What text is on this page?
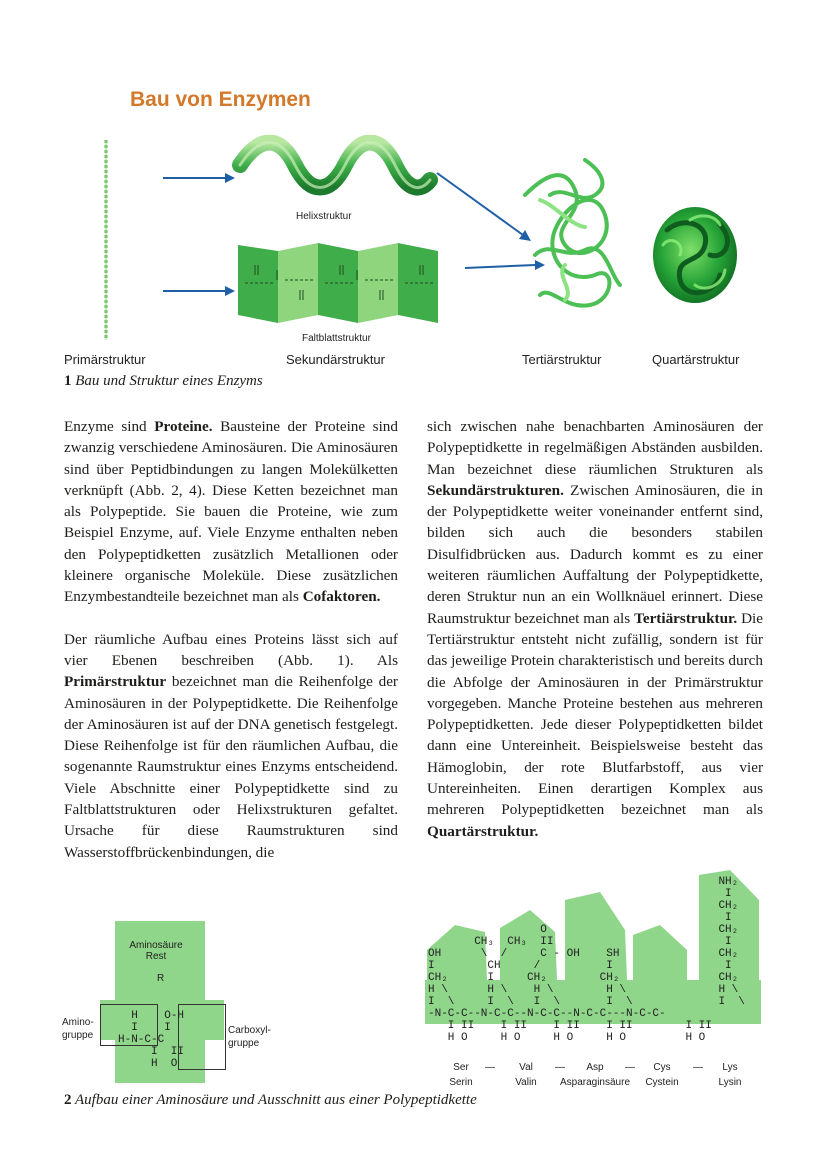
Bau von Enzymen
Helixstruktur
Faltblattstruktur
Primärstruktur	Sekundärstruktur	Tertiärstruktur	Quartärstruktur
1 Bau und Struktur eines Enzyms

Enzyme sind Proteine. Bausteine der Proteine sind zwanzig verschiedene Aminosäuren. Die Aminosäuren sind über Peptidbindungen zu langen Molekülketten verknüpft (Abb. 2, 4). Diese Ketten bezeichnet man als Polypeptide. Sie bauen die Proteine, wie zum Beispiel Enzyme, auf. Viele Enzyme enthalten neben den Polypeptidketten zusätzlich Metallionen oder kleinere organische Moleküle. Diese zusätzlichen Enzymbestandteile bezeichnet man als Cofaktoren.

Der räumliche Aufbau eines Proteins lässt sich auf vier Ebenen beschreiben (Abb. 1). Als Primärstruktur bezeichnet man die Reihenfolge der Aminosäuren in der Polypeptidkette. Die Reihenfolge der Aminosäuren ist auf der DNA genetisch festgelegt. Diese Reihenfolge ist für den räumlichen Aufbau, die sogenannte Raumstruktur eines Enzyms entscheidend. Viele Abschnitte einer Polypeptidkette sind zu Faltblattstrukturen oder Helixstrukturen gefaltet. Ursache für diese Raumstrukturen sind Wasserstoffbrückenbindungen, die

sich zwischen nahe benachbarten Aminosäuren der Polypeptidkette in regelmäßigen Abständen ausbilden. Man bezeichnet diese räumlichen Strukturen als Sekundärstrukturen. Zwischen Aminosäuren, die in der Polypeptidkette weiter voneinander entfernt sind, bilden sich auch die besonders stabilen Disulfidbrücken aus. Dadurch kommt es zu einer weiteren räumlichen Auffaltung der Polypeptidkette, deren Struktur nun an ein Wollknäuel erinnert. Diese Raumstruktur bezeichnet man als Tertiärstruktur. Die Tertiärstruktur entsteht nicht zufällig, sondern ist für das jeweilige Protein charakteristisch und bereits durch die Abfolge der Aminosäuren in der Primärstruktur vorgegeben. Manche Proteine bestehen aus mehreren Polypeptidketten. Jede dieser Polypeptidketten bildet dann eine Untereinheit. Beispielsweise besteht das Hämoglobin, der rote Blutfarbstoff, aus vier Untereinheiten. Einen derartigen Komplex aus mehreren Polypeptidketten bezeichnet man als Quartärstruktur.

Aminosäure
Rest
R
Amino-
gruppe	Carboxyl-
gruppe
H    O-H
I    I
H-N-C-C
I  II
H  O
NH₂
I
CH₂
I
O                          CH₂
CH₃  CH₃  II                          I
OH      \  /     C - OH    SH               CH₂
I        CH     /          I                 I
CH₂      I     CH₂        CH₂               CH₂
H \      H \    H \        H \              H \
I  \     I  \   I  \       I  \             I  \
-N-C-C--N-C-C--N-C-C--N-C-C---N-C-C-
I II    I II    I II    I II        I II
H O     H O     H O     H O         H O
Ser
Serin
—	Val
Valin
—	Asp
Asparaginsäure
—	Cys
Cystein
—	Lys
Lysin
2 Aufbau einer Aminosäure und Ausschnitt aus einer Polypeptidkette
